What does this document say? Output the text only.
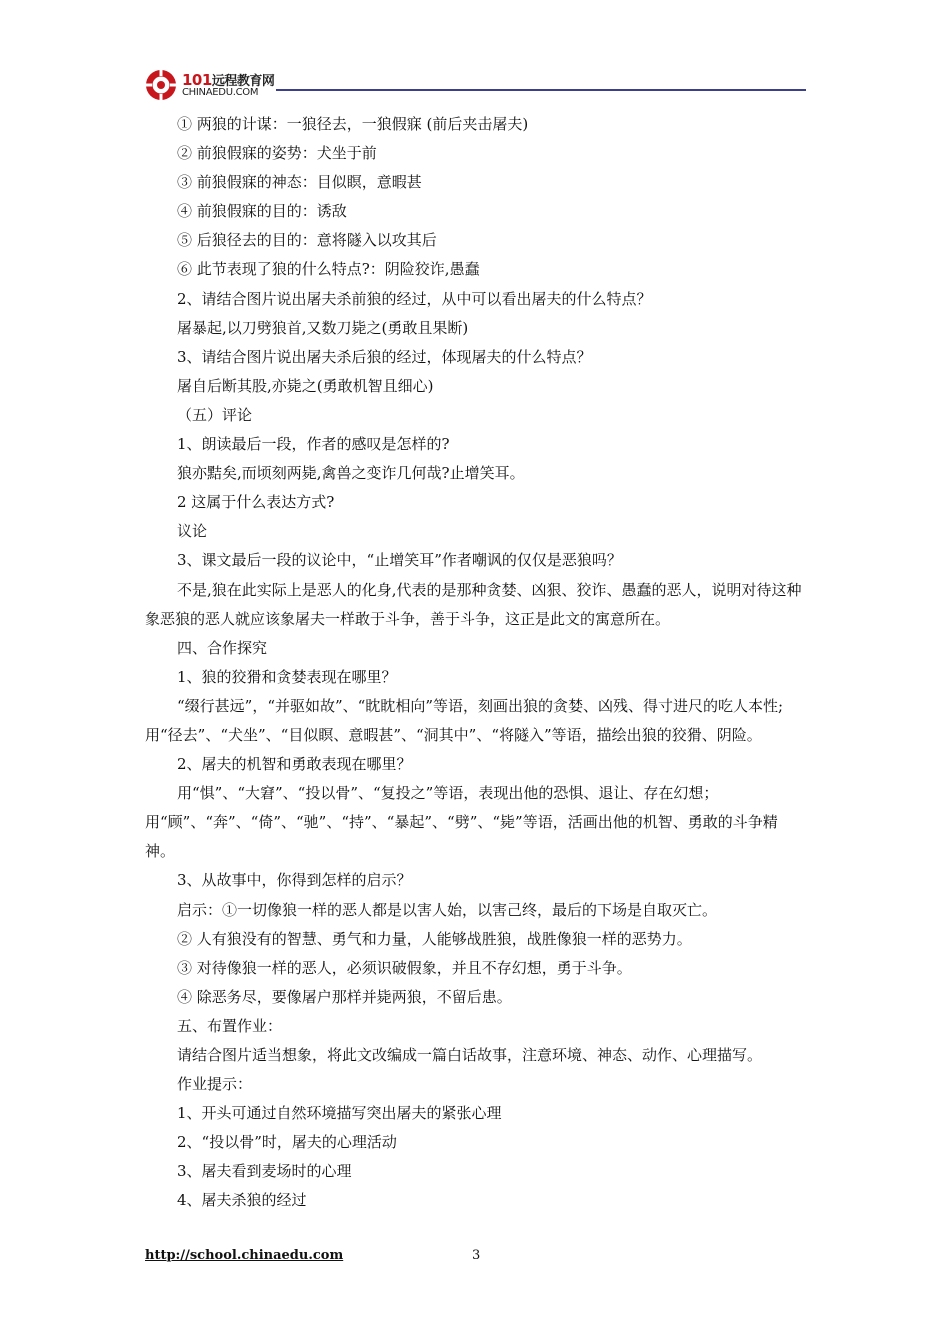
101远程教育网
CHINAEDU.COM

① 两狼的计谋：一狼径去，一狼假寐 (前后夹击屠夫)

② 前狼假寐的姿势：犬坐于前

③ 前狼假寐的神态：目似瞑，意暇甚

④ 前狼假寐的目的：诱敌

⑤ 后狼径去的目的：意将隧入以攻其后

⑥ 此节表现了狼的什么特点?：阴险狡诈,愚蠢

2、请结合图片说出屠夫杀前狼的经过，从中可以看出屠夫的什么特点？

屠暴起,以刀劈狼首,又数刀毙之(勇敢且果断)

3、请结合图片说出屠夫杀后狼的经过，体现屠夫的什么特点？

屠自后断其股,亦毙之(勇敢机智且细心)

（五）评论

1、朗读最后一段，作者的感叹是怎样的?

狼亦黠矣,而顷刻两毙,禽兽之变诈几何哉?止增笑耳。

2 这属于什么表达方式?

议论

3、课文最后一段的议论中，“止增笑耳”作者嘲讽的仅仅是恶狼吗？

不是,狼在此实际上是恶人的化身,代表的是那种贪婪、凶狠、狡诈、愚蠢的恶人，说明对待这种象恶狼的恶人就应该象屠夫一样敢于斗争，善于斗争，这正是此文的寓意所在。

四、合作探究

1、狼的狡猾和贪婪表现在哪里？

“缀行甚远”，“并驱如故”、“眈眈相向”等语，刻画出狼的贪婪、凶残、得寸进尺的吃人本性;用“径去”、“犬坐”、“目似瞑、意暇甚”、“洞其中”、“将隧入”等语，描绘出狼的狡猾、阴险。

2、屠夫的机智和勇敢表现在哪里？

用“惧”、“大窘”、“投以骨”、“复投之”等语，表现出他的恐惧、退让、存在幻想；用“顾”、“奔”、“倚”、“驰”、“持”、“暴起”、“劈”、“毙”等语，活画出他的机智、勇敢的斗争精神。

3、从故事中，你得到怎样的启示？

启示：①一切像狼一样的恶人都是以害人始，以害己终，最后的下场是自取灭亡。

② 人有狼没有的智慧、勇气和力量，人能够战胜狼，战胜像狼一样的恶势力。

③ 对待像狼一样的恶人，必须识破假象，并且不存幻想，勇于斗争。

④ 除恶务尽，要像屠户那样并毙两狼，不留后患。

五、布置作业：

请结合图片适当想象，将此文改编成一篇白话故事，注意环境、神态、动作、心理描写。

作业提示：

1、开头可通过自然环境描写突出屠夫的紧张心理

2、“投以骨”时，屠夫的心理活动

3、屠夫看到麦场时的心理

4、屠夫杀狼的经过

http://school.chinaedu.com	3
